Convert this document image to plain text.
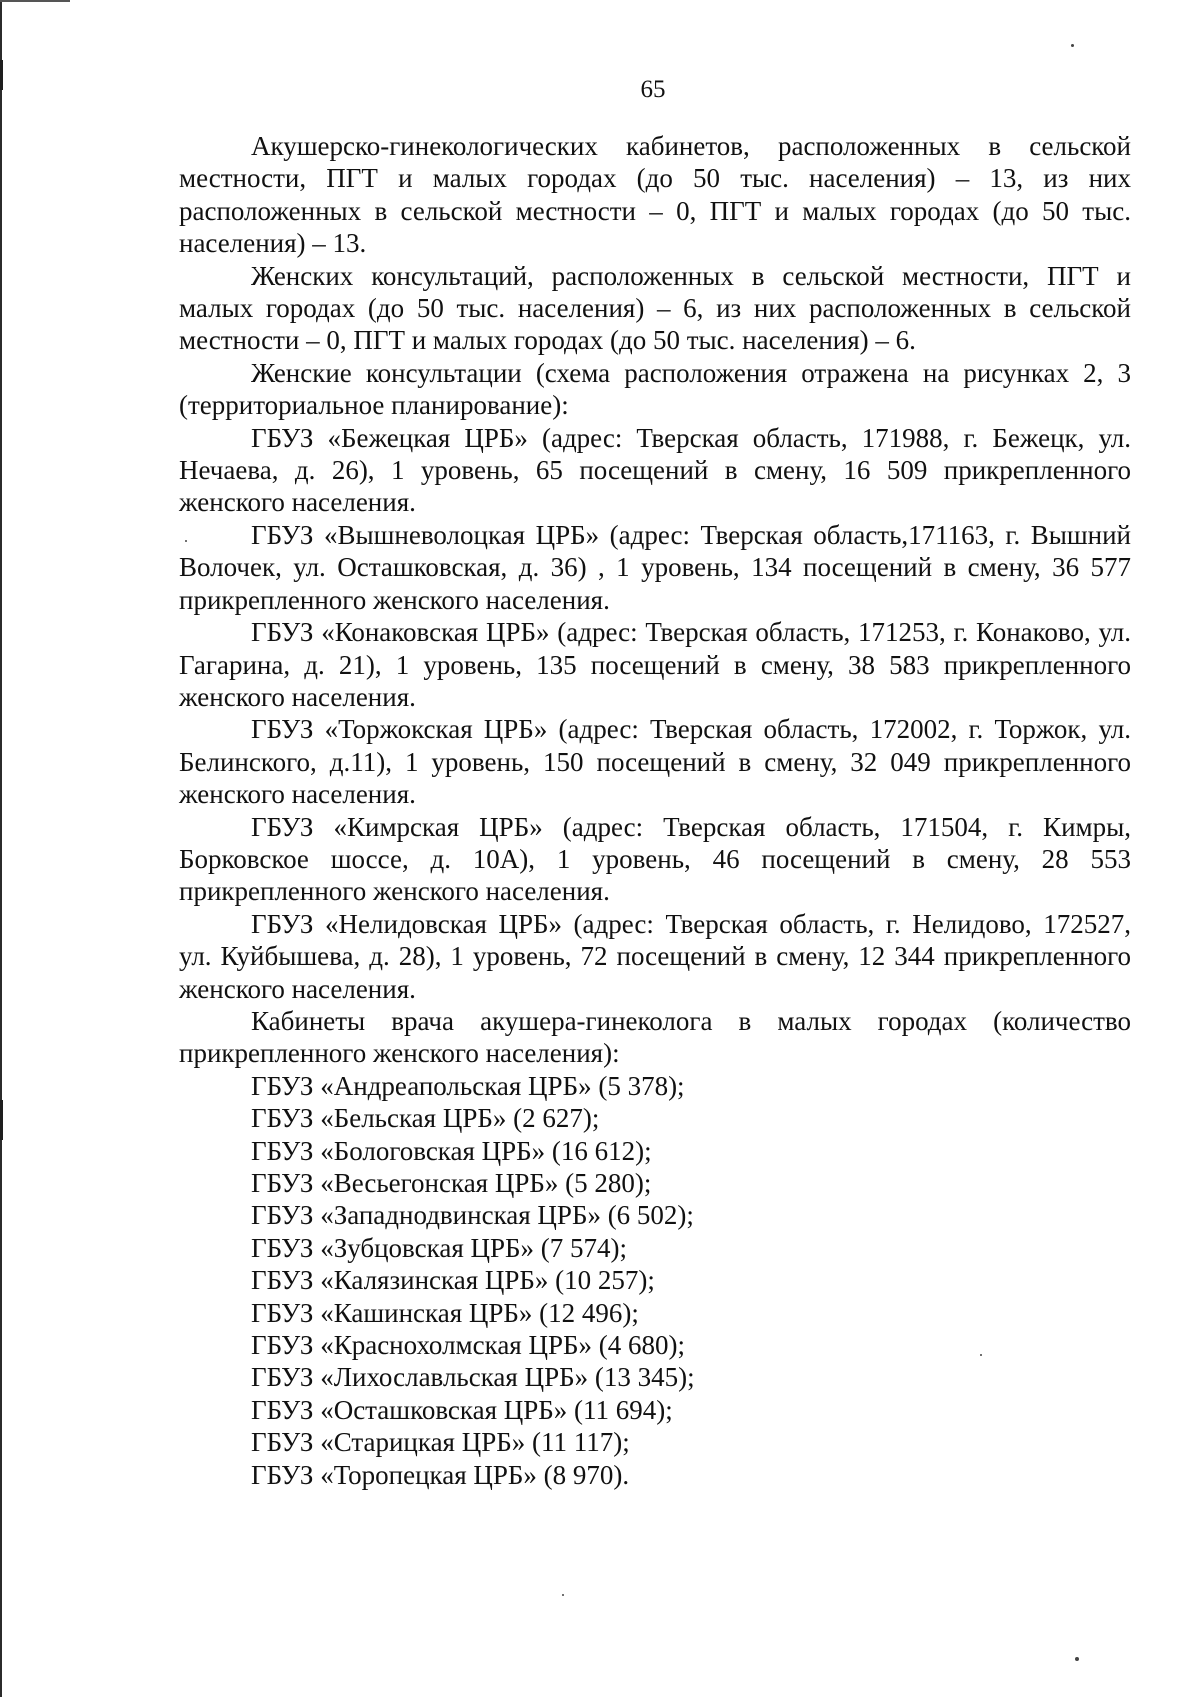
65

Акушерско-гинекологических кабинетов, расположенных в сельской местности, ПГТ и малых городах (до 50 тыс. населения) – 13, из них расположенных в сельской местности – 0, ПГТ и малых городах (до 50 тыс. населения) – 13.

Женских консультаций, расположенных в сельской местности, ПГТ и малых городах (до 50 тыс. населения) – 6, из них расположенных в сельской местности – 0, ПГТ и малых городах (до 50 тыс. населения) – 6.

Женские консультации (схема расположения отражена на рисунках 2, 3 (территориальное планирование):

ГБУЗ «Бежецкая ЦРБ» (адрес: Тверская область, 171988, г. Бежецк, ул. Нечаева, д. 26), 1 уровень, 65 посещений в смену, 16 509 прикрепленного женского населения.

ГБУЗ «Вышневолоцкая ЦРБ» (адрес: Тверская область,171163, г. Вышний Волочек, ул. Осташковская, д. 36) , 1 уровень, 134 посещений в смену, 36 577 прикрепленного женского населения.

ГБУЗ «Конаковская ЦРБ» (адрес: Тверская область, 171253, г. Конаково, ул. Гагарина, д. 21), 1 уровень, 135 посещений в смену, 38 583 прикрепленного женского населения.

ГБУЗ «Торжокская ЦРБ» (адрес: Тверская область, 172002, г. Торжок, ул. Белинского, д.11), 1 уровень, 150 посещений в смену, 32 049 прикрепленного женского населения.

ГБУЗ «Кимрская ЦРБ» (адрес: Тверская область, 171504, г. Кимры, Борковское шоссе, д. 10А), 1 уровень, 46 посещений в смену, 28 553 прикрепленного женского населения.

ГБУЗ «Нелидовская ЦРБ» (адрес: Тверская область, г. Нелидово, 172527, ул. Куйбышева, д. 28), 1 уровень, 72 посещений в смену, 12 344 прикрепленного женского населения.

Кабинеты врача акушера-гинеколога в малых городах (количество прикрепленного женского населения):

ГБУЗ «Андреапольская ЦРБ» (5 378);
ГБУЗ «Бельская ЦРБ» (2 627);
ГБУЗ «Бологовская ЦРБ» (16 612);
ГБУЗ «Весьегонская ЦРБ» (5 280);
ГБУЗ «Западнодвинская ЦРБ» (6 502);
ГБУЗ «Зубцовская ЦРБ» (7 574);
ГБУЗ «Калязинская ЦРБ» (10 257);
ГБУЗ «Кашинская ЦРБ» (12 496);
ГБУЗ «Краснохолмская ЦРБ» (4 680);
ГБУЗ «Лихославльская ЦРБ» (13 345);
ГБУЗ «Осташковская ЦРБ» (11 694);
ГБУЗ «Старицкая ЦРБ» (11 117);
ГБУЗ «Торопецкая ЦРБ» (8 970).
